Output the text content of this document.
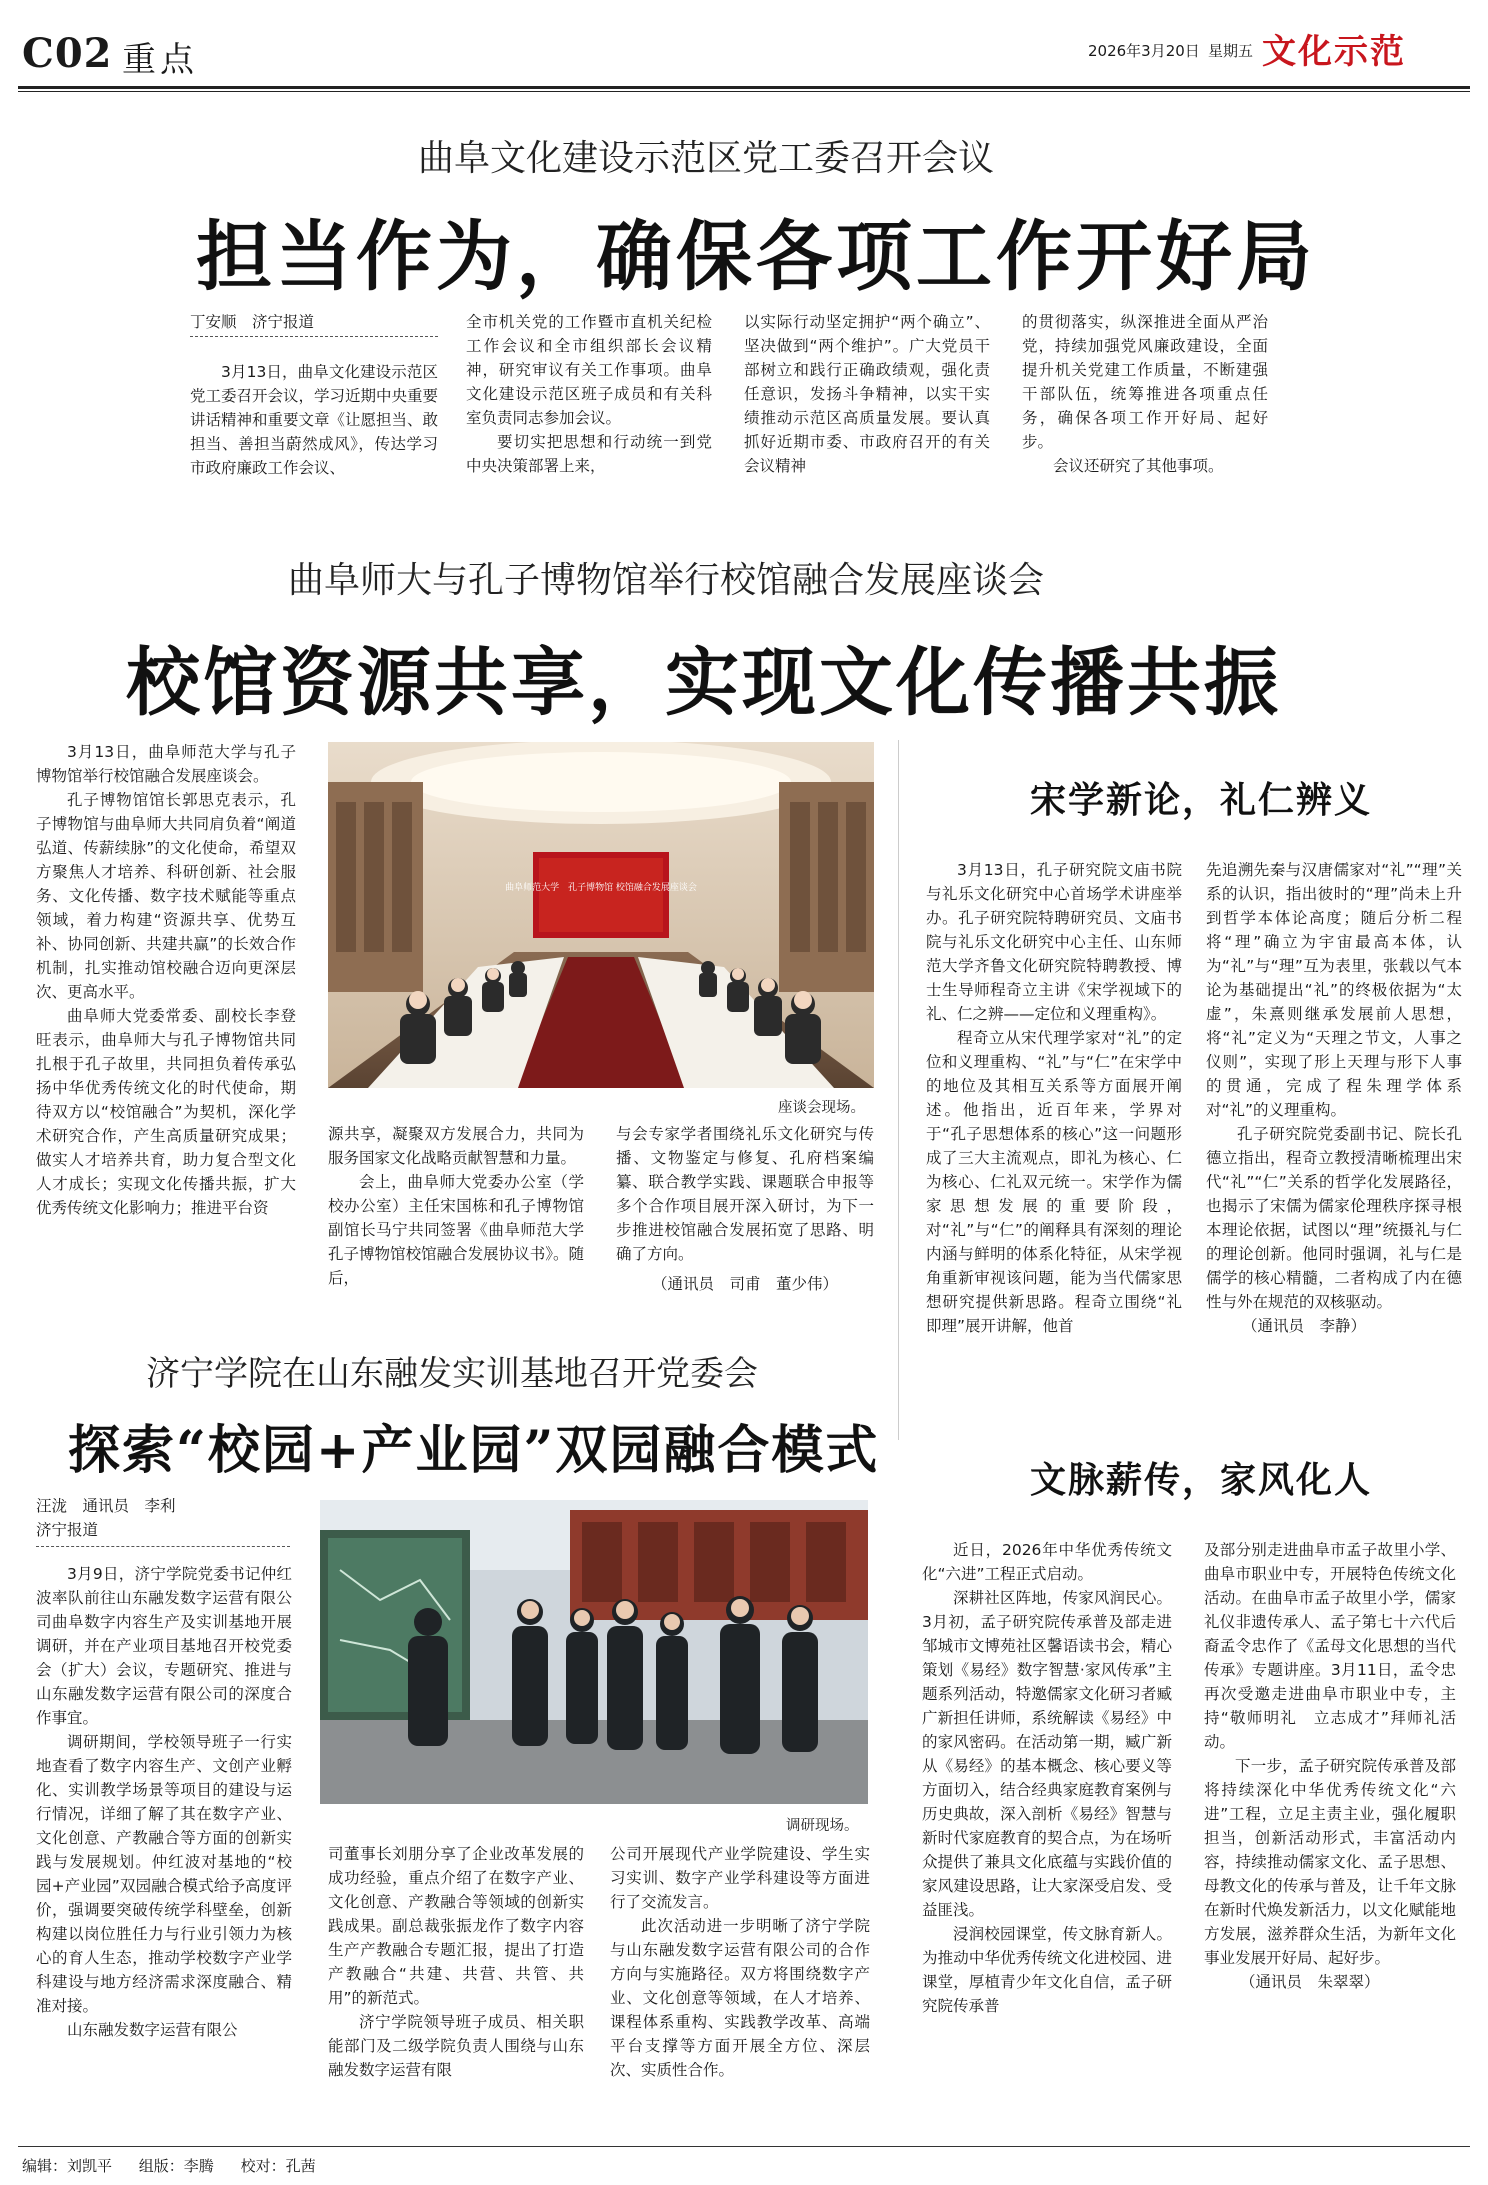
C02 重点	2026年3月20日 星期五 文化示范
曲阜文化建设示范区党工委召开会议
担当作为，确保各项工作开好局
丁安顺　济宁报道
3月13日，曲阜文化建设示范区党工委召开会议，学习近期中央重要讲话精神和重要文章《让愿担当、敢担当、善担当蔚然成风》，传达学习市政府廉政工作会议、
全市机关党的工作暨市直机关纪检工作会议和全市组织部长会议精神，研究审议有关工作事项。曲阜文化建设示范区班子成员和有关科室负责同志参加会议。
要切实把思想和行动统一到党中央决策部署上来，
以实际行动坚定拥护“两个确立”、坚决做到“两个维护”。广大党员干部树立和践行正确政绩观，强化责任意识，发扬斗争精神，以实干实绩推动示范区高质量发展。要认真抓好近期市委、市政府召开的有关会议精神
的贯彻落实，纵深推进全面从严治党，持续加强党风廉政建设，全面提升机关党建工作质量，不断建强干部队伍，统筹推进各项重点任务，确保各项工作开好局、起好步。
会议还研究了其他事项。
曲阜师大与孔子博物馆举行校馆融合发展座谈会
校馆资源共享，实现文化传播共振

3月13日，曲阜师范大学与孔子博物馆举行校馆融合发展座谈会。

孔子博物馆馆长郭思克表示，孔子博物馆与曲阜师大共同肩负着“阐道弘道、传薪续脉”的文化使命，希望双方聚焦人才培养、科研创新、社会服务、文化传播、数字技术赋能等重点领域，着力构建“资源共享、优势互补、协同创新、共建共赢”的长效合作机制，扎实推动馆校融合迈向更深层次、更高水平。

曲阜师大党委常委、副校长李登旺表示，曲阜师大与孔子博物馆共同扎根于孔子故里，共同担负着传承弘扬中华优秀传统文化的时代使命，期待双方以“校馆融合”为契机，深化学术研究合作，产生高质量研究成果；做实人才培养共育，助力复合型文化人才成长；实现文化传播共振，扩大优秀传统文化影响力；推进平台资

曲阜师范大学　孔子博物馆 校馆融合发展座谈会
座谈会现场。

源共享，凝聚双方发展合力，共同为服务国家文化战略贡献智慧和力量。

会上，曲阜师大党委办公室（学校办公室）主任宋国栋和孔子博物馆副馆长马宁共同签署《曲阜师范大学孔子博物馆校馆融合发展协议书》。随后，

与会专家学者围绕礼乐文化研究与传播、文物鉴定与修复、孔府档案编纂、联合教学实践、课题联合申报等多个合作项目展开深入研讨，为下一步推进校馆融合发展拓宽了思路、明确了方向。
（通讯员　司甫　董少伟）
宋学新论，礼仁辨义

3月13日，孔子研究院文庙书院与礼乐文化研究中心首场学术讲座举办。孔子研究院特聘研究员、文庙书院与礼乐文化研究中心主任、山东师范大学齐鲁文化研究院特聘教授、博士生导师程奇立主讲《宋学视域下的礼、仁之辨——定位和义理重构》。

程奇立从宋代理学家对“礼”的定位和义理重构、“礼”与“仁”在宋学中的地位及其相互关系等方面展开阐述。他指出，近百年来，学界对于“孔子思想体系的核心”这一问题形成了三大主流观点，即礼为核心、仁为核心、仁礼双元统一。宋学作为儒家思想发展的重要阶段，对“礼”与“仁”的阐释具有深刻的理论内涵与鲜明的体系化特征，从宋学视角重新审视该问题，能为当代儒家思想研究提供新思路。程奇立围绕“礼即理”展开讲解，他首

先追溯先秦与汉唐儒家对“礼”“理”关系的认识，指出彼时的“理”尚未上升到哲学本体论高度；随后分析二程将“理”确立为宇宙最高本体，认为“礼”与“理”互为表里，张载以气本论为基础提出“礼”的终极依据为“太虚”，朱熹则继承发展前人思想，将“礼”定义为“天理之节文，人事之仪则”，实现了形上天理与形下人事的贯通，完成了程朱理学体系对“礼”的义理重构。

孔子研究院党委副书记、院长孔德立指出，程奇立教授清晰梳理出宋代“礼”“仁”关系的哲学化发展路径，也揭示了宋儒为儒家伦理秩序探寻根本理论依据，试图以“理”统摄礼与仁的理论创新。他同时强调，礼与仁是儒学的核心精髓，二者构成了内在德性与外在规范的双核驱动。

（通讯员　李静）
济宁学院在山东融发实训基地召开党委会
探索“校园+产业园”双园融合模式
汪泷　通讯员　李利
济宁报道

3月9日，济宁学院党委书记仲红波率队前往山东融发数字运营有限公司曲阜数字内容生产及实训基地开展调研，并在产业项目基地召开校党委会（扩大）会议，专题研究、推进与山东融发数字运营有限公司的深度合作事宜。

调研期间，学校领导班子一行实地查看了数字内容生产、文创产业孵化、实训教学场景等项目的建设与运行情况，详细了解了其在数字产业、文化创意、产教融合等方面的创新实践与发展规划。仲红波对基地的“校园+产业园”双园融合模式给予高度评价，强调要突破传统学科壁垒，创新构建以岗位胜任力与行业引领力为核心的育人生态，推动学校数字产业学科建设与地方经济需求深度融合、精准对接。

山东融发数字运营有限公

调研现场。

司董事长刘朋分享了企业改革发展的成功经验，重点介绍了在数字产业、文化创意、产教融合等领域的创新实践成果。副总裁张振龙作了数字内容生产产教融合专题汇报，提出了打造产教融合“共建、共营、共管、共用”的新范式。

济宁学院领导班子成员、相关职能部门及二级学院负责人围绕与山东融发数字运营有限

公司开展现代产业学院建设、学生实习实训、数字产业学科建设等方面进行了交流发言。

此次活动进一步明晰了济宁学院与山东融发数字运营有限公司的合作方向与实施路径。双方将围绕数字产业、文化创意等领域，在人才培养、课程体系重构、实践教学改革、高端平台支撑等方面开展全方位、深层次、实质性合作。

文脉薪传，家风化人

近日，2026年中华优秀传统文化“六进”工程正式启动。

深耕社区阵地，传家风润民心。3月初，孟子研究院传承普及部走进邹城市文博苑社区馨语读书会，精心策划《易经》数字智慧·家风传承”主题系列活动，特邀儒家文化研习者臧广新担任讲师，系统解读《易经》中的家风密码。在活动第一期，臧广新从《易经》的基本概念、核心要义等方面切入，结合经典家庭教育案例与历史典故，深入剖析《易经》智慧与新时代家庭教育的契合点，为在场听众提供了兼具文化底蕴与实践价值的家风建设思路，让大家深受启发、受益匪浅。

浸润校园课堂，传文脉育新人。为推动中华优秀传统文化进校园、进课堂，厚植青少年文化自信，孟子研究院传承普

及部分别走进曲阜市孟子故里小学、曲阜市职业中专，开展特色传统文化活动。在曲阜市孟子故里小学，儒家礼仪非遗传承人、孟子第七十六代后裔孟令忠作了《孟母文化思想的当代传承》专题讲座。3月11日，孟令忠再次受邀走进曲阜市职业中专，主持“敬师明礼　立志成才”拜师礼活动。

下一步，孟子研究院传承普及部将持续深化中华优秀传统文化“六进”工程，立足主责主业，强化履职担当，创新活动形式，丰富活动内容，持续推动儒家文化、孟子思想、母教文化的传承与普及，让千年文脉在新时代焕发新活力，以文化赋能地方发展，滋养群众生活，为新年文化事业发展开好局、起好步。

（通讯员　朱翠翠）
编辑：刘凯平 组版：李腾 校对：孔茜
